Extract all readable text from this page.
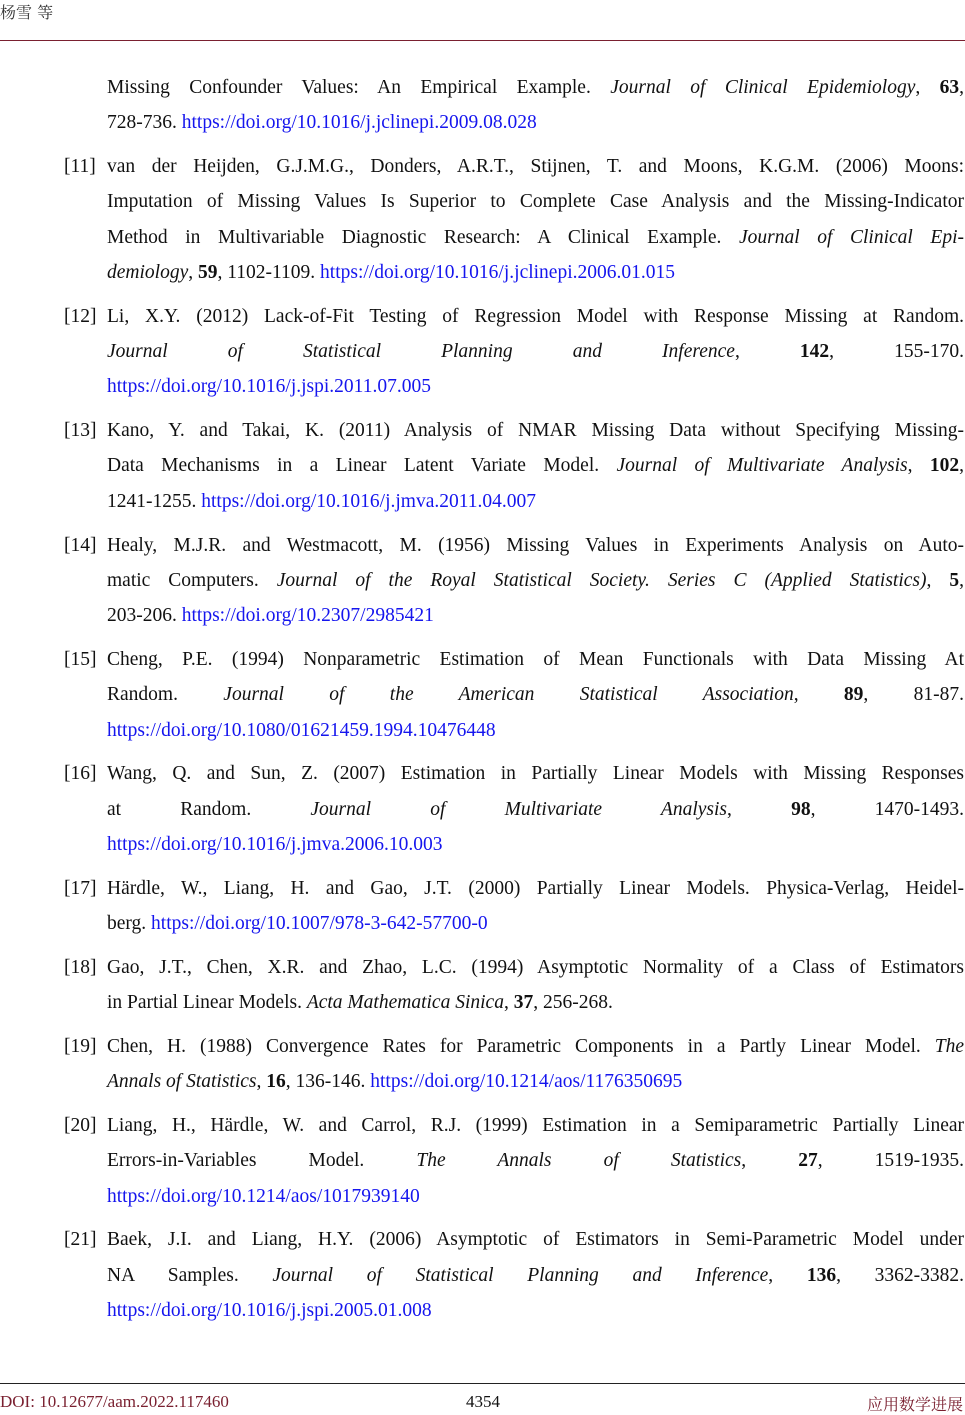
杨雪 等
Missing Confounder Values: An Empirical Example. Journal of Clinical Epidemiology, 63,
728-736. https://doi.org/10.1016/j.jclinepi.2009.08.028
[11] van der Heijden, G.J.M.G., Donders, A.R.T., Stijnen, T. and Moons, K.G.M. (2006) Moons:
Imputation of Missing Values Is Superior to Complete Case Analysis and the Missing-Indicator
Method in Multivariable Diagnostic Research: A Clinical Example. Journal of Clinical Epi-
demiology, 59, 1102-1109. https://doi.org/10.1016/j.jclinepi.2006.01.015
[12] Li, X.Y. (2012) Lack-of-Fit Testing of Regression Model with Response Missing at Random.
Journal of Statistical Planning and Inference, 142, 155-170.
https://doi.org/10.1016/j.jspi.2011.07.005
[13] Kano, Y. and Takai, K. (2011) Analysis of NMAR Missing Data without Specifying Missing-
Data Mechanisms in a Linear Latent Variate Model. Journal of Multivariate Analysis, 102,
1241-1255. https://doi.org/10.1016/j.jmva.2011.04.007
[14] Healy, M.J.R. and Westmacott, M. (1956) Missing Values in Experiments Analysis on Auto-
matic Computers. Journal of the Royal Statistical Society. Series C (Applied Statistics), 5,
203-206. https://doi.org/10.2307/2985421
[15] Cheng, P.E. (1994) Nonparametric Estimation of Mean Functionals with Data Missing At
Random. Journal of the American Statistical Association, 89, 81-87.
https://doi.org/10.1080/01621459.1994.10476448
[16] Wang, Q. and Sun, Z. (2007) Estimation in Partially Linear Models with Missing Responses
at Random. Journal of Multivariate Analysis, 98, 1470-1493.
https://doi.org/10.1016/j.jmva.2006.10.003
[17] Härdle, W., Liang, H. and Gao, J.T. (2000) Partially Linear Models. Physica-Verlag, Heidel-
berg. https://doi.org/10.1007/978-3-642-57700-0
[18] Gao, J.T., Chen, X.R. and Zhao, L.C. (1994) Asymptotic Normality of a Class of Estimators
in Partial Linear Models. Acta Mathematica Sinica, 37, 256-268.
[19] Chen, H. (1988) Convergence Rates for Parametric Components in a Partly Linear Model. The
Annals of Statistics, 16, 136-146. https://doi.org/10.1214/aos/1176350695
[20] Liang, H., Härdle, W. and Carrol, R.J. (1999) Estimation in a Semiparametric Partially Linear
Errors-in-Variables Model. The Annals of Statistics, 27, 1519-1935.
https://doi.org/10.1214/aos/1017939140
[21] Baek, J.I. and Liang, H.Y. (2006) Asymptotic of Estimators in Semi-Parametric Model under
NA Samples. Journal of Statistical Planning and Inference, 136, 3362-3382.
https://doi.org/10.1016/j.jspi.2005.01.008
DOI: 10.12677/aam.2022.117460	4354	应用数学进展
